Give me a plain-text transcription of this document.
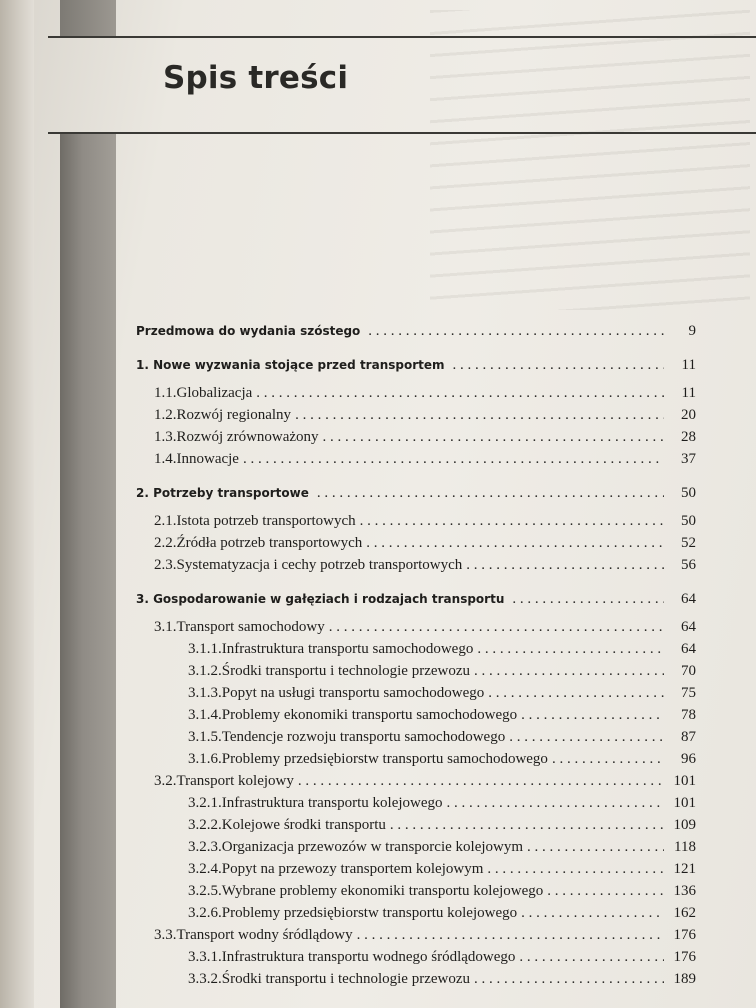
Spis treści
Przedmowa do wydania szóstego . . .	9
1. Nowe wyzwania stojące przed transportem . . .	11
1.1. Globalizacja . . .	11
1.2. Rozwój regionalny . . .	20
1.3. Rozwój zrównoważony . . .	28
1.4. Innowacje . . .	37
2. Potrzeby transportowe . . .	50
2.1. Istota potrzeb transportowych . . .	50
2.2. Źródła potrzeb transportowych . . .	52
2.3. Systematyzacja i cechy potrzeb transportowych . . .	56
3. Gospodarowanie w gałęziach i rodzajach transportu . . .	64
3.1. Transport samochodowy . . .	64
3.1.1. Infrastruktura transportu samochodowego . . .	64
3.1.2. Środki transportu i technologie przewozu . . .	70
3.1.3. Popyt na usługi transportu samochodowego . . .	75
3.1.4. Problemy ekonomiki transportu samochodowego . . .	78
3.1.5. Tendencje rozwoju transportu samochodowego . . .	87
3.1.6. Problemy przedsiębiorstw transportu samochodowego . . .	96
3.2. Transport kolejowy . . .	101
3.2.1. Infrastruktura transportu kolejowego . . .	101
3.2.2. Kolejowe środki transportu . . .	109
3.2.3. Organizacja przewozów w transporcie kolejowym . . .	118
3.2.4. Popyt na przewozy transportem kolejowym . . .	121
3.2.5. Wybrane problemy ekonomiki transportu kolejowego . . .	136
3.2.6. Problemy przedsiębiorstw transportu kolejowego . . .	162
3.3. Transport wodny śródlądowy . . .	176
3.3.1. Infrastruktura transportu wodnego śródlądowego . . .	176
3.3.2. Środki transportu i technologie przewozu . . .	189
